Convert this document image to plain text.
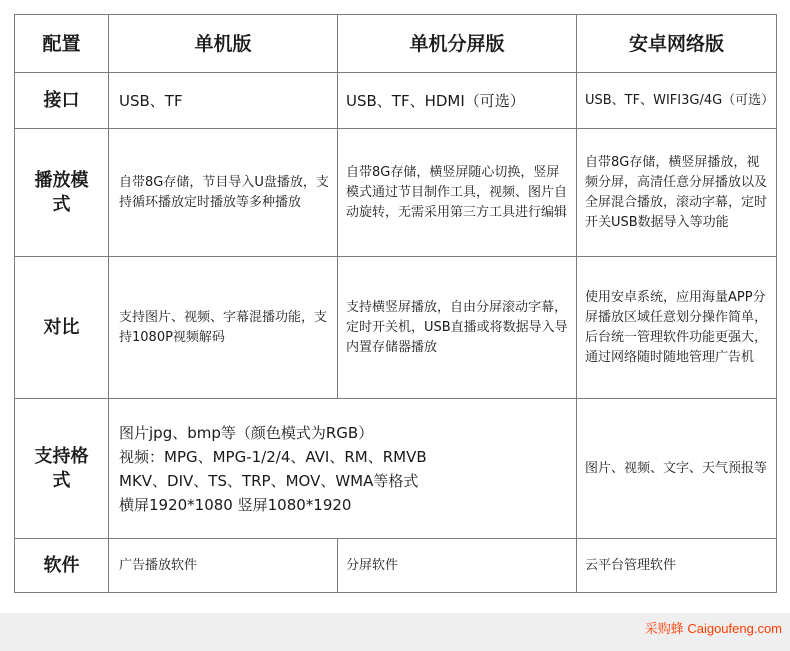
配置	单机版	单机分屏版	安卓网络版
接口	USB、TF	USB、TF、HDMI（可选）	USB、TF、WIFI3G/4G（可选）
播放模式	自带8G存储，节目导入U盘播放，支持循环播放定时播放等多种播放	自带8G存储，横竖屏随心切换，竖屏模式通过节目制作工具，视频、图片自动旋转，无需采用第三方工具进行编辑	自带8G存储，横竖屏播放，视频分屏，高清任意分屏播放以及全屏混合播放，滚动字幕，定时开关USB数据导入等功能
对比	支持图片、视频、字幕混播功能，支持1080P视频解码	支持横竖屏播放，自由分屏滚动字幕，定时开关机，USB直播或将数据导入导内置存储器播放	使用安卓系统，应用海量APP分屏播放区域任意划分操作简单，后台统一管理软件功能更强大，通过网络随时随地管理广告机
支持格式	图片jpg、bmp等（颜色模式为RGB）
视频：MPG、MPG-1/2/4、AVI、RM、RMVB
MKV、DIV、TS、TRP、MOV、WMA等格式
横屏1920*1080 竖屏1080*1920		图片、视频、文字、天气预报等
软件	广告播放软件	分屏软件	云平台管理软件
采购蜂 Caigoufeng.com
